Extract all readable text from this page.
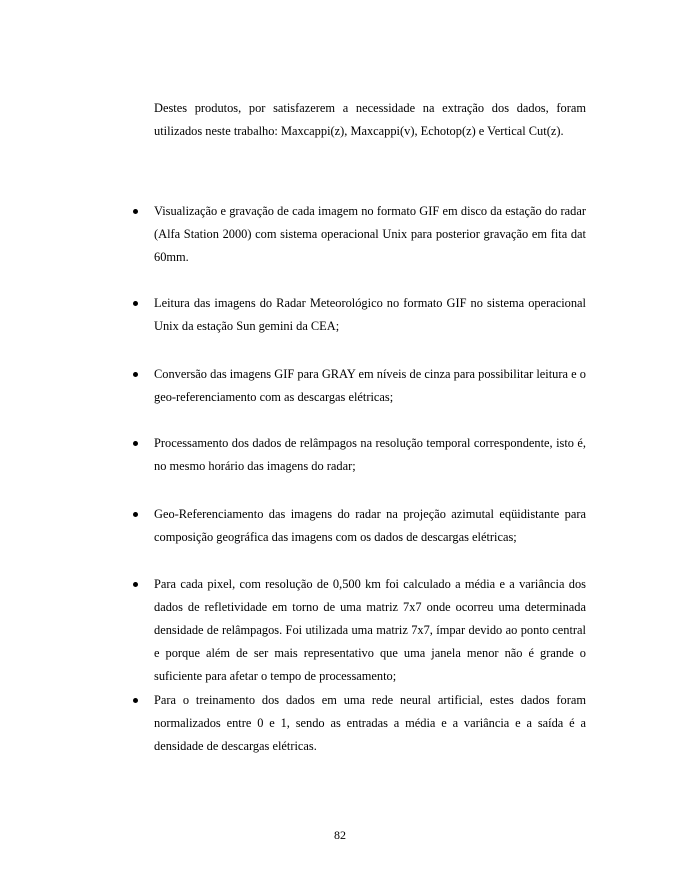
Destes produtos, por satisfazerem a necessidade na extração dos dados, foram utilizados neste trabalho: Maxcappi(z), Maxcappi(v), Echotop(z) e Vertical Cut(z).

Visualização e gravação de cada imagem no formato GIF em disco da estação do radar (Alfa Station 2000) com sistema operacional Unix para posterior gravação em fita dat 60mm.
Leitura das imagens do Radar Meteorológico no formato GIF no sistema operacional Unix da estação Sun gemini da CEA;
Conversão das imagens GIF para GRAY em níveis de cinza para possibilitar leitura e o geo-referenciamento com as descargas elétricas;
Processamento dos dados de relâmpagos na resolução temporal correspondente, isto é, no mesmo horário das imagens do radar;
Geo-Referenciamento das imagens do radar na projeção azimutal eqüidistante para composição geográfica das imagens com os dados de descargas elétricas;
Para cada pixel, com resolução de 0,500 km foi calculado a média e a variância dos dados de refletividade em torno de uma matriz 7x7 onde ocorreu uma determinada densidade de relâmpagos. Foi utilizada uma matriz 7x7, ímpar devido ao ponto central e porque além de ser mais representativo que uma janela menor não é grande o suficiente para afetar o tempo de processamento;
Para o treinamento dos dados em uma rede neural artificial, estes dados foram normalizados entre 0 e 1, sendo as entradas a média e a variância e a saída é a densidade de descargas elétricas.
82
